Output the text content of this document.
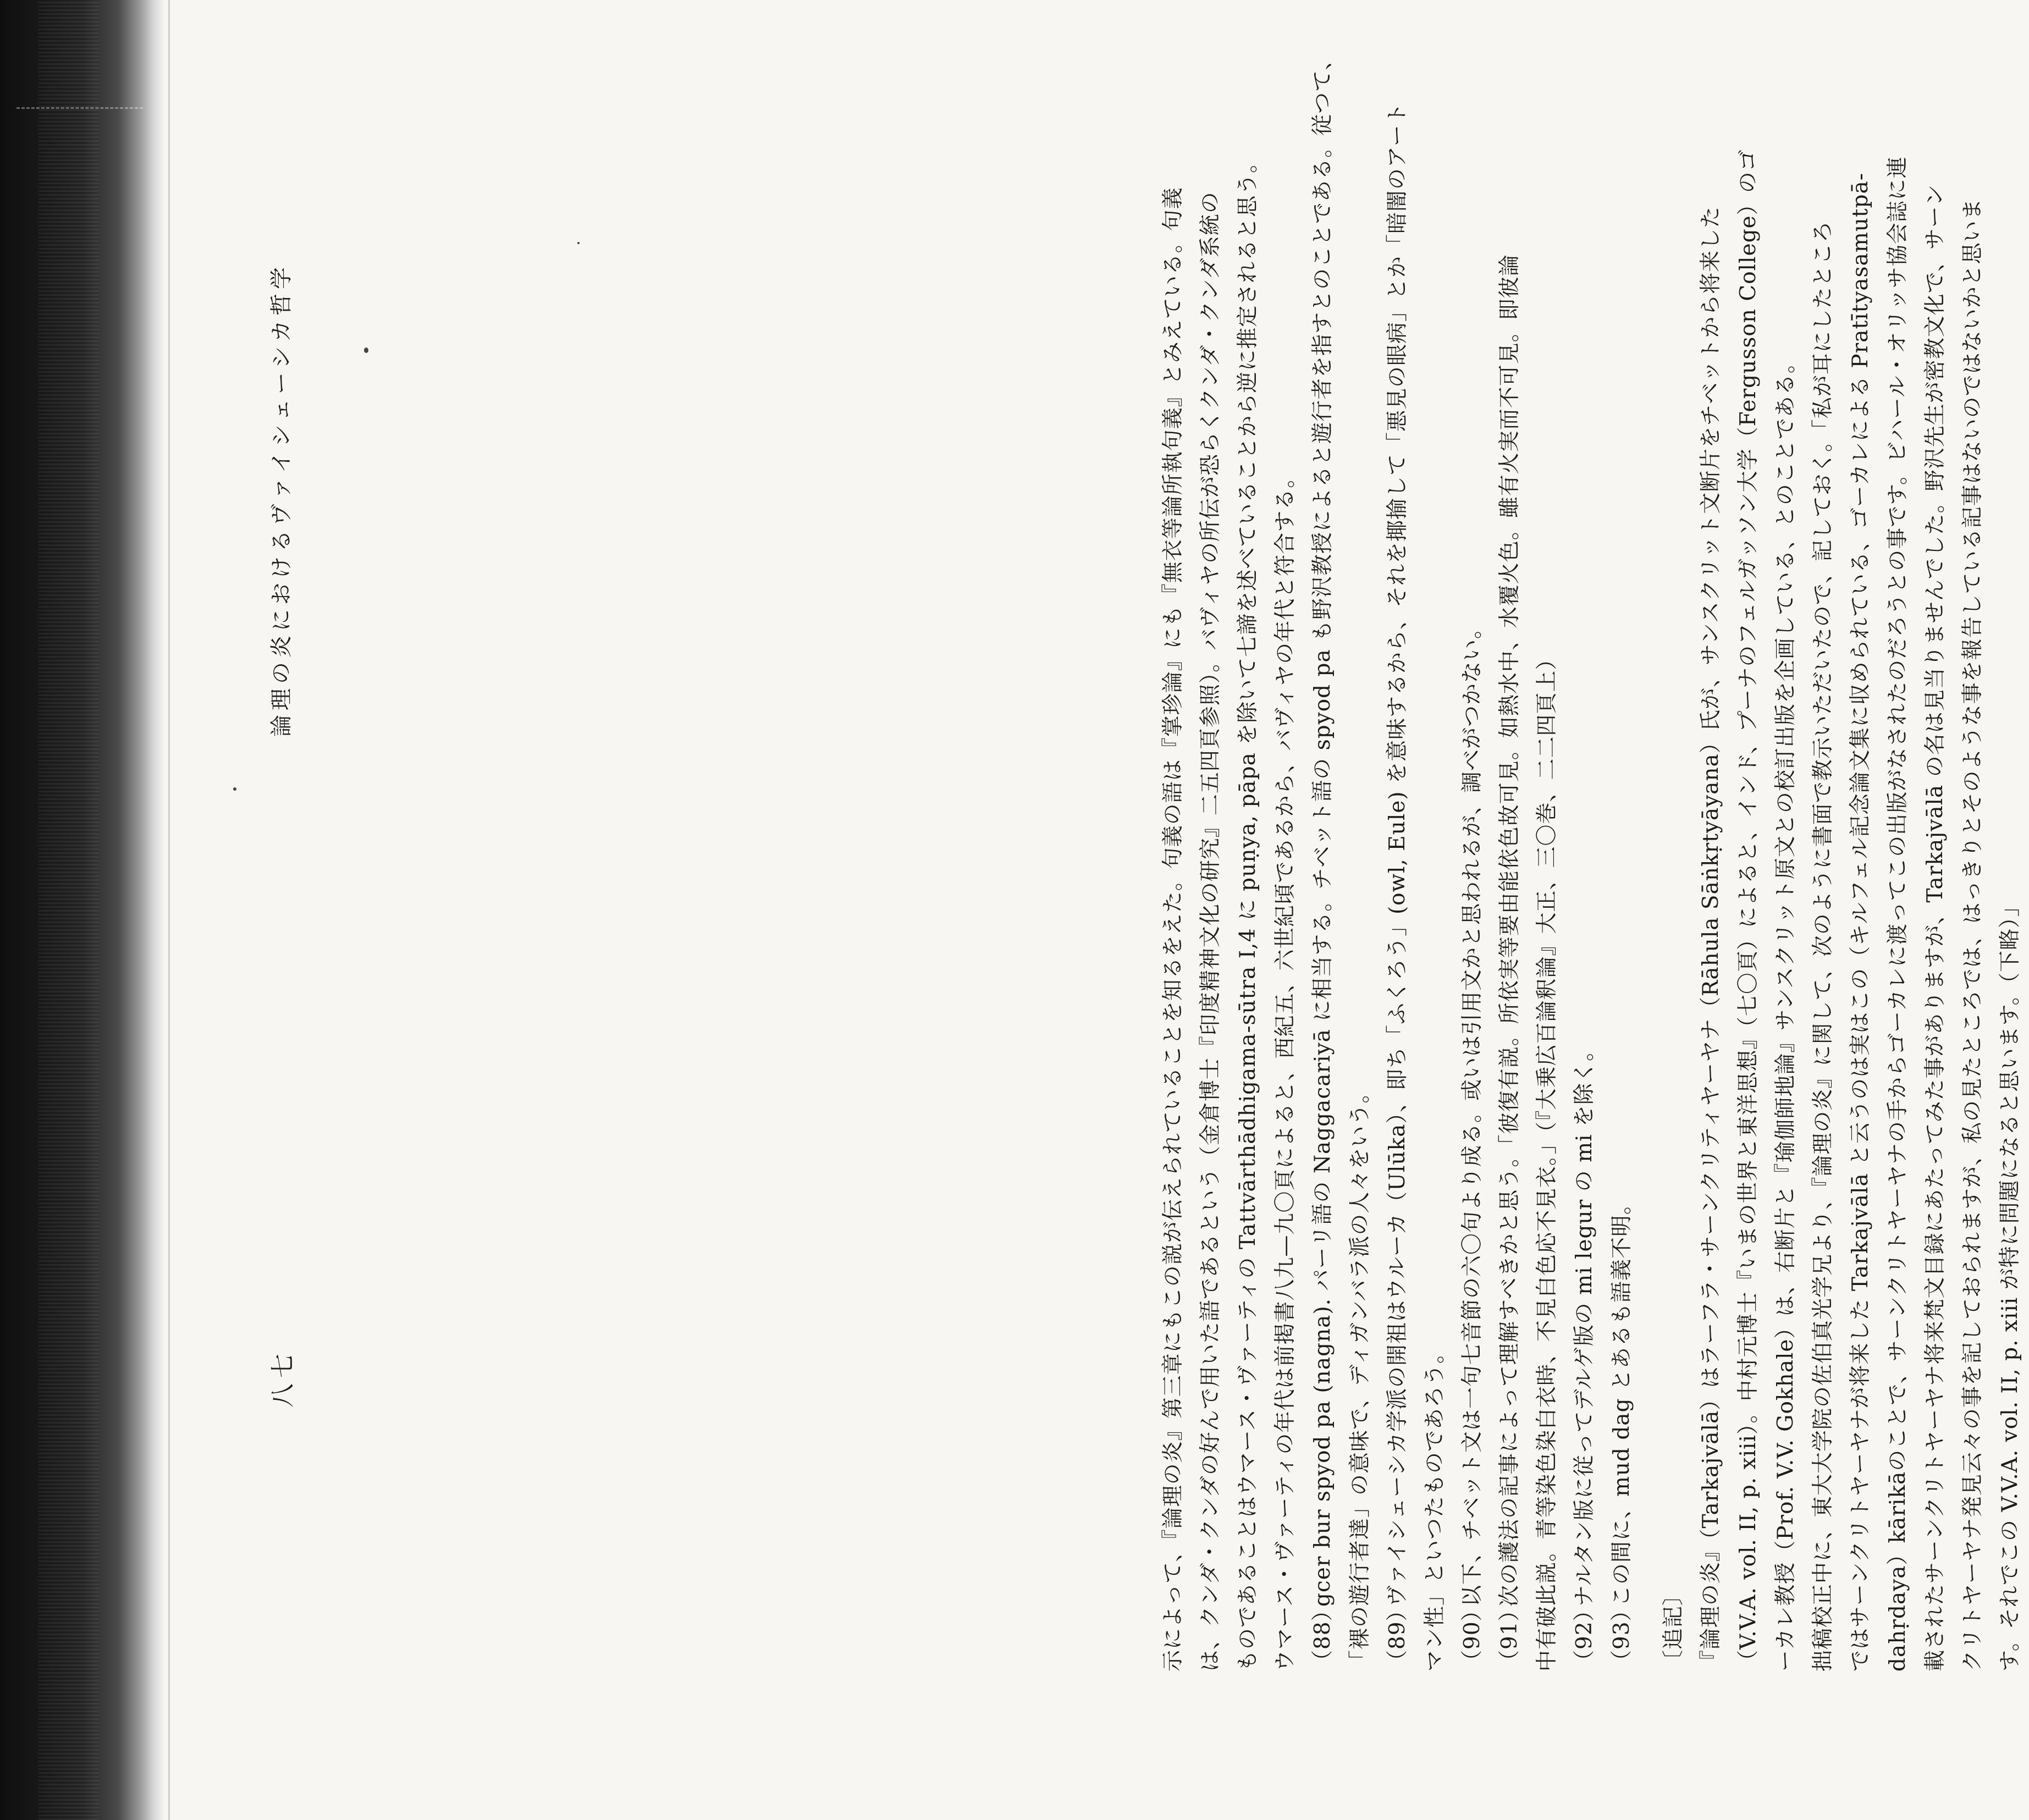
示によって、『論理の炎』第三章にもこの説が伝えられていることを知るをえた。句義の語は『掌珍論』にも『無衣等論所執句義』とみえている。句義 は、クンダ・クンダの好んで用いた語であるという（金倉博士『印度精神文化の研究』二五四頁参照）。バヴィヤの所伝が恐らくクンダ・クンダ系統の ものであることはウマース・ヴァーティの Tattvārthādhigama-sūtra I,4 に puṇya, pāpa を除いて七諦を述べていることから逆に推定されると思う。 ウマース・ヴァーティの年代は前掲書八九—九〇頁によると、西紀五、六世紀頃であるから、バヴィヤの年代と符合する。 （88）gcer bur spyod pa (nagna). パーリ語の Naggacariyā に相当する。チベット語の spyod pa も野沢教授によると遊行者を指すとのことである。従つて、 「裸の遊行者達」の意味で、ディガンバラ派の人々をいう。 （89）ヴァイシェーシカ学派の開祖はウルーカ（Ulūka）、即ち「ふくろう」(owl, Eule) を意味するから、それを揶揄して「悪見の眼病」とか「暗闇のアート マン性」といつたものであろう。 （90）以下、チベット文は一句七音節の六〇句より成る。或いは引用文かと思われるが、調べがつかない。
（91）次の護法の記事によって理解すべきかと思う。「彼復有説。所依実等要由能依色故可見。如熱水中、水覆火色。雖有火実而不可見。即彼論 中有破此説。青等染色染白衣時、不見白色応不見衣。」（『大乗広百論釈論』大正、三〇巻、二二四頁上） （92）ナルタン版に従ってデルゲ版の mi legur の mi を除く。
（93）この間に、mud dag とあるも語義不明。
〔追記〕 『論理の炎』（Tarkajvālā）はラーフラ・サーンクリティヤーヤナ（Rāhula Sāṅkṛtyāyana）氏が、サンスクリット文断片をチベットから将来した （V.V.A. vol. II, p. xiii）。中村元博士『いまの世界と東洋思想』（七〇頁）によると、インド、プーナのフェルガッソン大学（Fergusson College）のゴ ーカレ教授（Prof. V.V. Gokhale）は、右断片と『瑜伽師地論』サンスクリット原文との校訂出版を企画している、とのことである。 拙稿校正中に、東大大学院の佐伯真光学兄より、『論理の炎』に関して、次のように書面で教示いただいたので、記しておく。「私が耳にしたところ ではサーンクリトヤーヤナが将来した Tarkajvālā と云うのは実はこの（キルフェル記念論文集に収められている、ゴーカレによる Pratītyasamutpā- dahṛdaya）kārikāのことで、サーンクリトヤーヤナの手からゴーカレに渡ってこの出版がなされたのだろうとの事です。ビハール・オリッサ協会誌に連 載されたサーンクリトヤーヤナ将来梵文目録にあたってみた事がありますが、Tarkajvālā の名は見当りませんでした。野沢先生が密教文化で、サーン クリトヤーヤナ発見云々の事を記しておられますが、私の見たところでは、はっきりとそのような事を報告している記事はないのではないかと思いま す。それでこの V.V.A. vol. II, p. xiii が特に問題になると思います。（下略）」
論理の炎におけるヴァイシェーシカ哲学
八七
